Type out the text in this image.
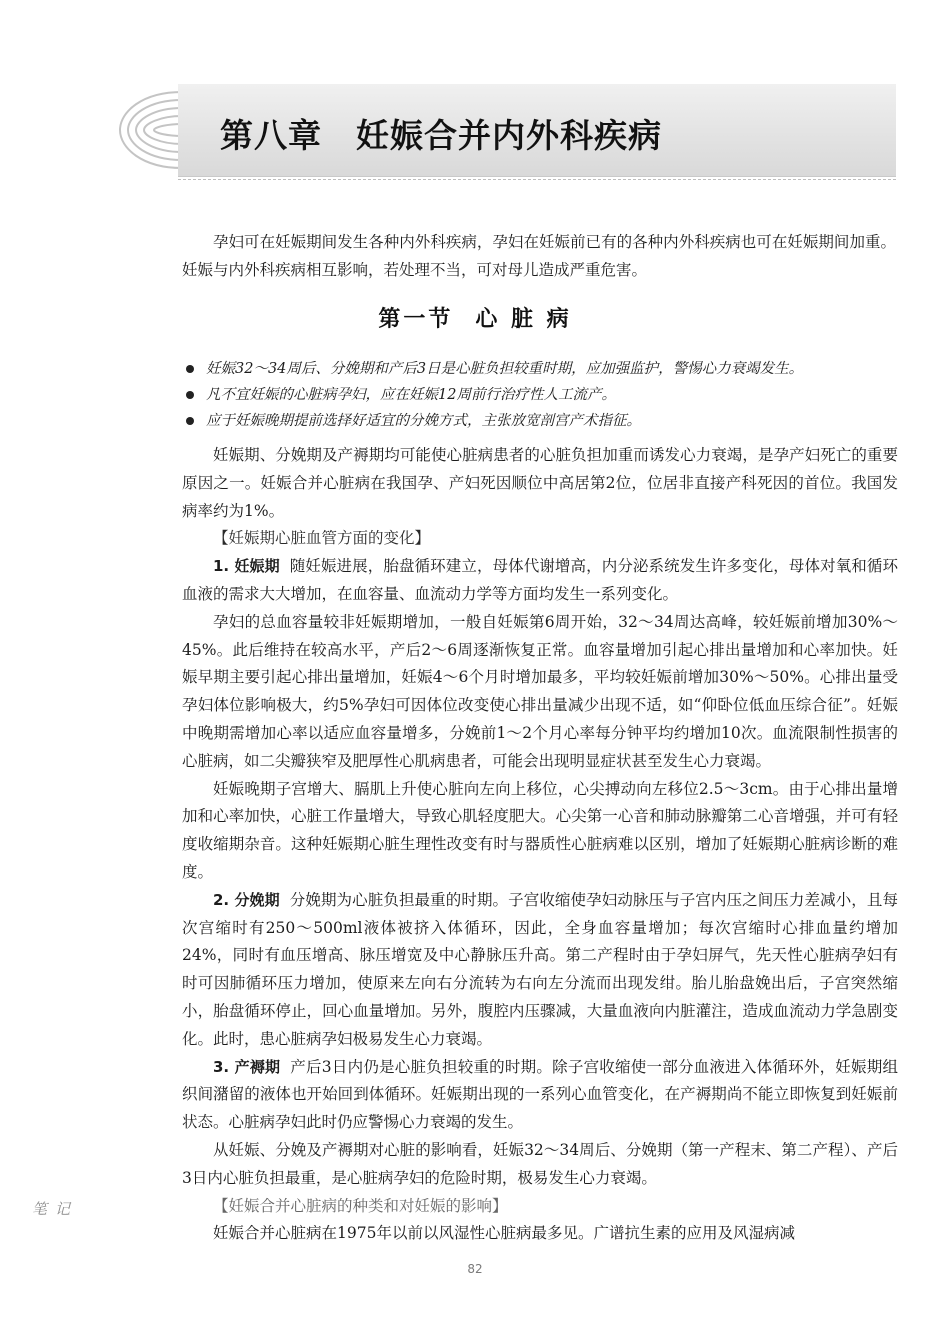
第八章 妊娠合并内外科疾病

孕妇可在妊娠期间发生各种内外科疾病，孕妇在妊娠前已有的各种内外科疾病也可在妊娠期间加重。妊娠与内外科疾病相互影响，若处理不当，可对母儿造成严重危害。

第一节 心 脏 病
妊娠32～34周后、分娩期和产后3日是心脏负担较重时期，应加强监护，警惕心力衰竭发生。
凡不宜妊娠的心脏病孕妇，应在妊娠12周前行治疗性人工流产。
应于妊娠晚期提前选择好适宜的分娩方式，主张放宽剖宫产术指征。

妊娠期、分娩期及产褥期均可能使心脏病患者的心脏负担加重而诱发心力衰竭，是孕产妇死亡的重要原因之一。妊娠合并心脏病在我国孕、产妇死因顺位中高居第2位，位居非直接产科死因的首位。我国发病率约为1%。

【妊娠期心脏血管方面的变化】

1. 妊娠期 随妊娠进展，胎盘循环建立，母体代谢增高，内分泌系统发生许多变化，母体对氧和循环血液的需求大大增加，在血容量、血流动力学等方面均发生一系列变化。

孕妇的总血容量较非妊娠期增加，一般自妊娠第6周开始，32～34周达高峰，较妊娠前增加30%～45%。此后维持在较高水平，产后2～6周逐渐恢复正常。血容量增加引起心排出量增加和心率加快。妊娠早期主要引起心排出量增加，妊娠4～6个月时增加最多，平均较妊娠前增加30%～50%。心排出量受孕妇体位影响极大，约5%孕妇可因体位改变使心排出量减少出现不适，如“仰卧位低血压综合征”。妊娠中晚期需增加心率以适应血容量增多，分娩前1～2个月心率每分钟平均约增加10次。血流限制性损害的心脏病，如二尖瓣狭窄及肥厚性心肌病患者，可能会出现明显症状甚至发生心力衰竭。

妊娠晚期子宫增大、膈肌上升使心脏向左向上移位，心尖搏动向左移位2.5～3cm。由于心排出量增加和心率加快，心脏工作量增大，导致心肌轻度肥大。心尖第一心音和肺动脉瓣第二心音增强，并可有轻度收缩期杂音。这种妊娠期心脏生理性改变有时与器质性心脏病难以区别，增加了妊娠期心脏病诊断的难度。

2. 分娩期 分娩期为心脏负担最重的时期。子宫收缩使孕妇动脉压与子宫内压之间压力差减小，且每次宫缩时有250～500ml液体被挤入体循环，因此，全身血容量增加；每次宫缩时心排血量约增加24%，同时有血压增高、脉压增宽及中心静脉压升高。第二产程时由于孕妇屏气，先天性心脏病孕妇有时可因肺循环压力增加，使原来左向右分流转为右向左分流而出现发绀。胎儿胎盘娩出后，子宫突然缩小，胎盘循环停止，回心血量增加。另外，腹腔内压骤减，大量血液向内脏灌注，造成血流动力学急剧变化。此时，患心脏病孕妇极易发生心力衰竭。

3. 产褥期 产后3日内仍是心脏负担较重的时期。除子宫收缩使一部分血液进入体循环外，妊娠期组织间潴留的液体也开始回到体循环。妊娠期出现的一系列心血管变化，在产褥期尚不能立即恢复到妊娠前状态。心脏病孕妇此时仍应警惕心力衰竭的发生。

从妊娠、分娩及产褥期对心脏的影响看，妊娠32～34周后、分娩期（第一产程末、第二产程）、产后3日内心脏负担最重，是心脏病孕妇的危险时期，极易发生心力衰竭。

【妊娠合并心脏病的种类和对妊娠的影响】

妊娠合并心脏病在1975年以前以风湿性心脏病最多见。广谱抗生素的应用及风湿病减

笔记
82
